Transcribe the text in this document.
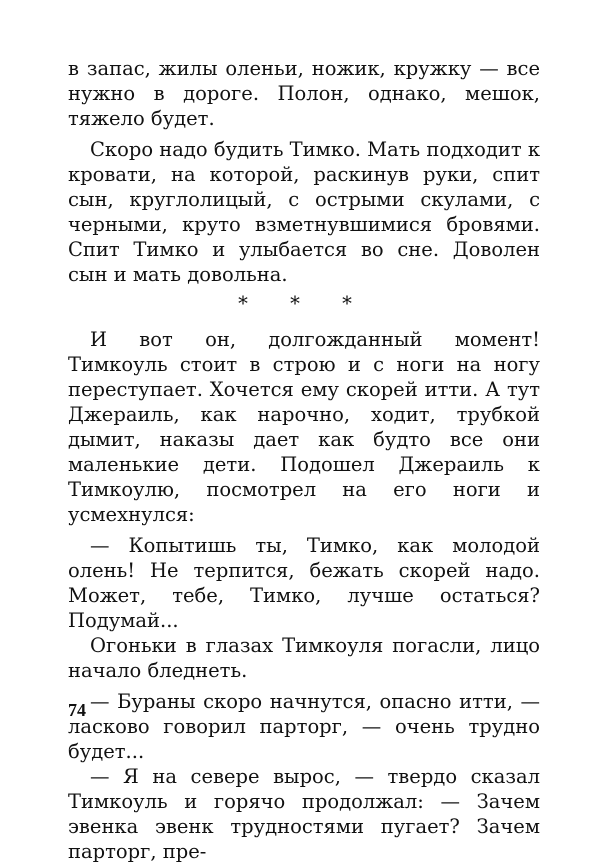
в запас, жилы оленьи, ножик, кружку — все нужно в дороге. Полон, однако, мешок, тяжело будет.

Скоро надо будить Тимко. Мать подходит к кровати, на которой, раскинув руки, спит сын, круглолицый, с острыми скулами, с черными, круто взметнувшимися бровями. Спит Тимко и улыбается во сне. Доволен сын и мать довольна.

* * *

И вот он, долгожданный момент! Тимкоуль стоит в строю и с ноги на ногу переступает. Хочется ему скорей итти. А тут Джераиль, как нарочно, ходит, трубкой дымит, наказы дает как будто все они маленькие дети. Подошел Джераиль к Тимкоулю, посмотрел на его ноги и усмехнулся:

— Копытишь ты, Тимко, как молодой олень! Не терпится, бежать скорей надо. Может, тебе, Тимко, лучше остаться? Подумай...

Огоньки в глазах Тимкоуля погасли, лицо начало бледнеть.

— Бураны скоро начнутся, опасно итти, — ласково говорил парторг, — очень трудно будет...

— Я на севере вырос, — твердо сказал Тимкоуль и горячо продолжал: — Зачем эвенка эвенк трудностями пугает? Зачем парторг, пре-

74
